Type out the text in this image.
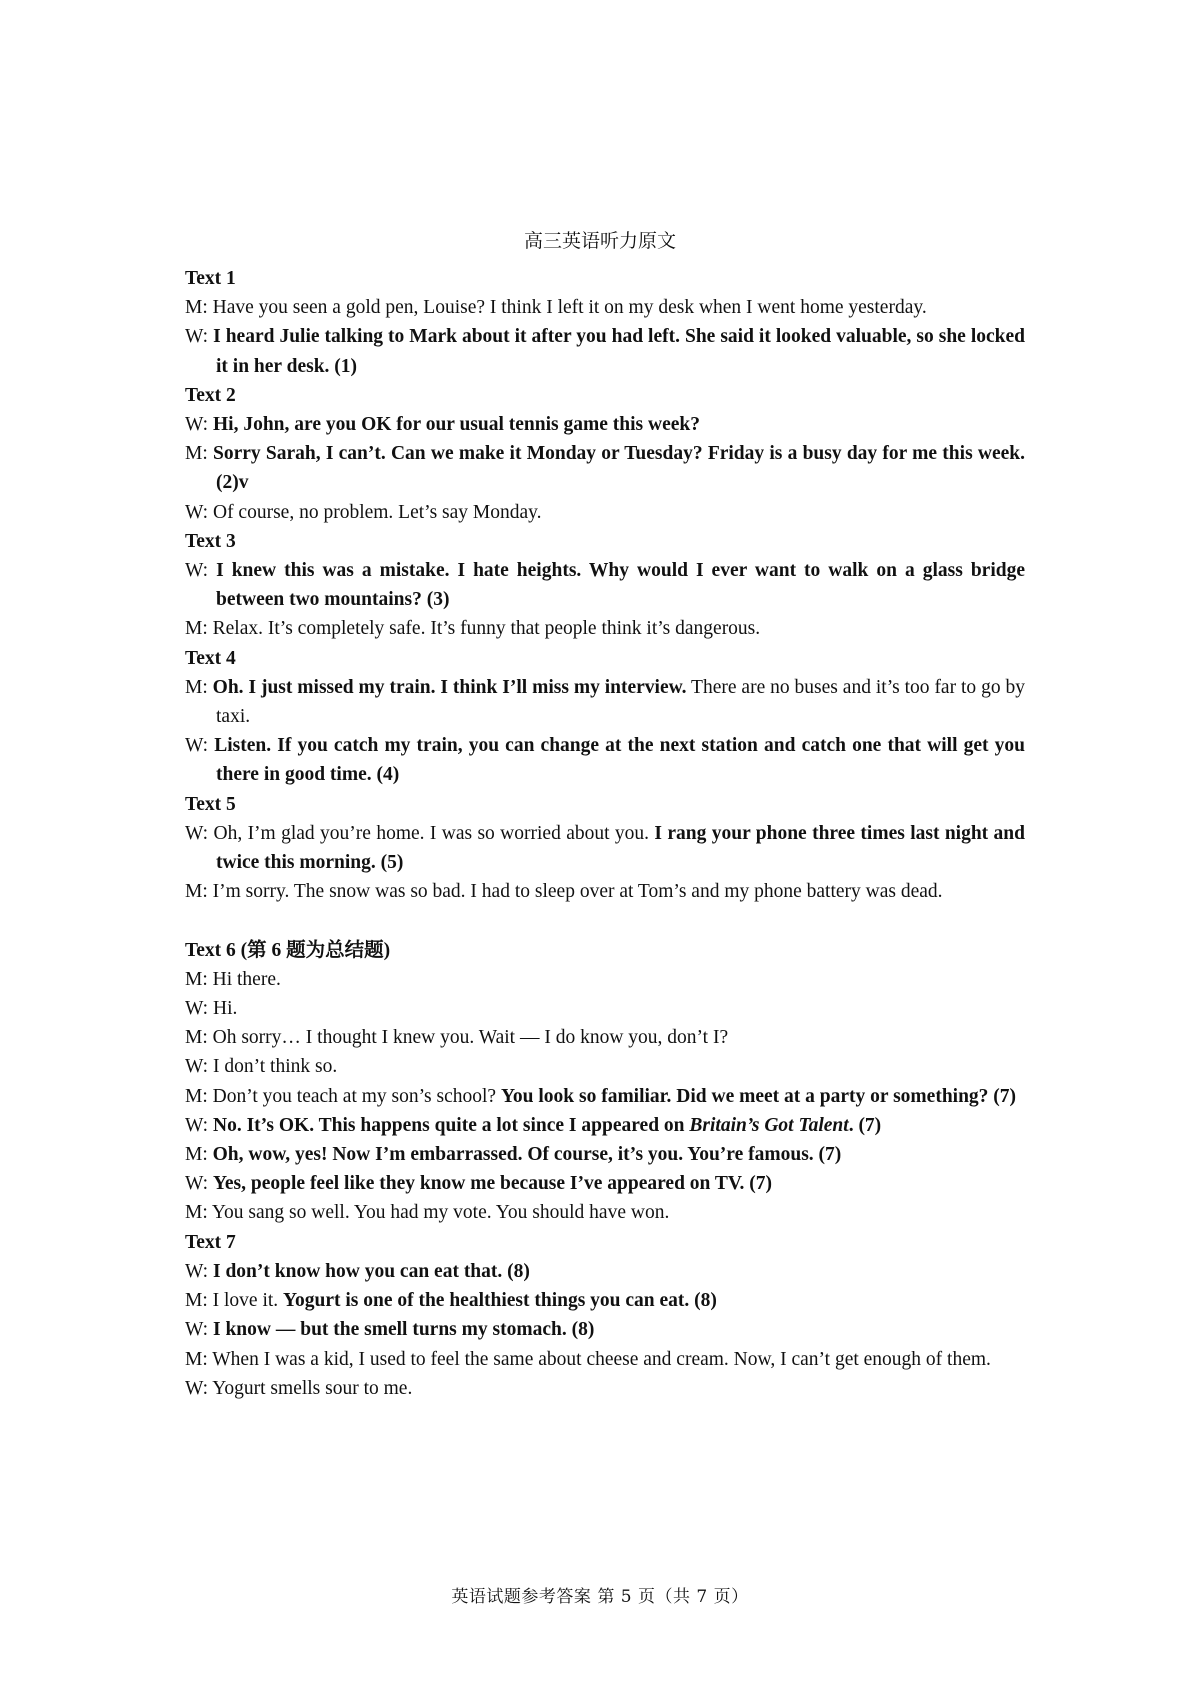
高三英语听力原文
Text 1
M: Have you seen a gold pen, Louise? I think I left it on my desk when I went home yesterday.
W: I heard Julie talking to Mark about it after you had left. She said it looked valuable, so she locked it in her desk. (1)
Text 2
W: Hi, John, are you OK for our usual tennis game this week?
M: Sorry Sarah, I can’t. Can we make it Monday or Tuesday? Friday is a busy day for me this week. (2)v
W: Of course, no problem. Let’s say Monday.
Text 3
W: I knew this was a mistake. I hate heights. Why would I ever want to walk on a glass bridge between two mountains? (3)
M: Relax. It’s completely safe. It’s funny that people think it’s dangerous.
Text 4
M: Oh. I just missed my train. I think I’ll miss my interview. There are no buses and it’s too far to go by taxi.
W: Listen. If you catch my train, you can change at the next station and catch one that will get you there in good time. (4)
Text 5
W: Oh, I’m glad you’re home. I was so worried about you. I rang your phone three times last night and twice this morning. (5)
M: I’m sorry. The snow was so bad. I had to sleep over at Tom’s and my phone battery was dead.
Text 6 (第 6 题为总结题)
M: Hi there.
W: Hi.
M: Oh sorry… I thought I knew you. Wait — I do know you, don’t I?
W: I don’t think so.
M: Don’t you teach at my son’s school? You look so familiar. Did we meet at a party or something? (7)
W: No. It’s OK. This happens quite a lot since I appeared on Britain’s Got Talent. (7)
M: Oh, wow, yes! Now I’m embarrassed. Of course, it’s you. You’re famous. (7)
W: Yes, people feel like they know me because I’ve appeared on TV. (7)
M: You sang so well. You had my vote. You should have won.
Text 7
W: I don’t know how you can eat that. (8)
M: I love it. Yogurt is one of the healthiest things you can eat. (8)
W: I know — but the smell turns my stomach. (8)
M: When I was a kid, I used to feel the same about cheese and cream. Now, I can’t get enough of them.
W: Yogurt smells sour to me.
英语试题参考答案 第 5 页（共 7 页）
